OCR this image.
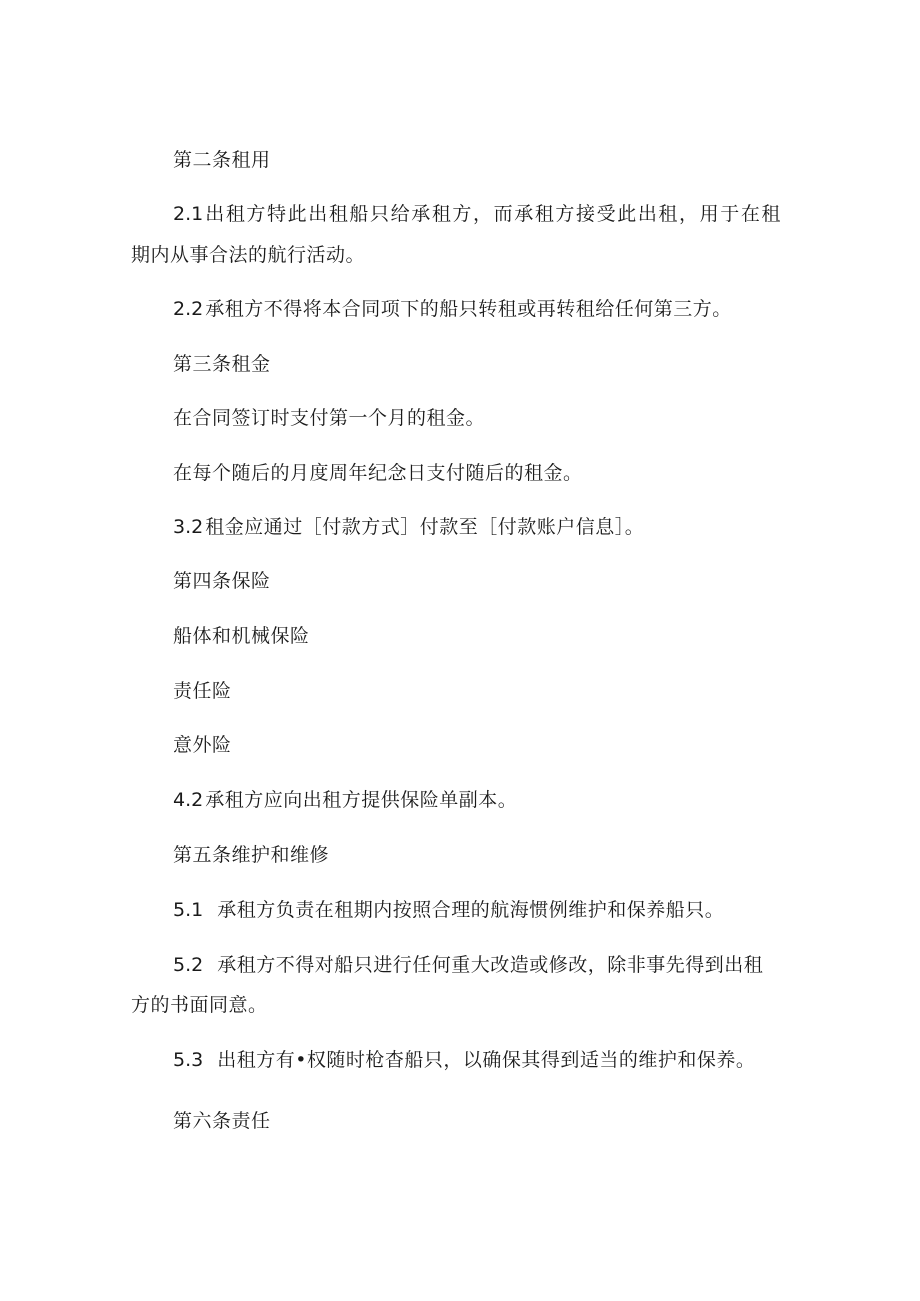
第二条租用
2.1 出租方特此出租船只给承租方，而承租方接受此出租，用于在租
期内从事合法的航行活动。
2.2 承租方不得将本合同项下的船只转租或再转租给任何第三方。
第三条租金
在合同签订时支付第一个月的租金。
在每个随后的月度周年纪念日支付随后的租金。
3.2 租金应通过［付款方式］付款至［付款账户信息］。
第四条保险
船体和机械保险
责任险
意外险
4.2 承租方应向出租方提供保险单副本。
第五条维护和维修
5.1 承租方负责在租期内按照合理的航海惯例维护和保养船只。
5.2 承租方不得对船只进行任何重大改造或修改，除非事先得到出租
方的书面同意。
5.3 出租方有•权随时枪杳船只，以确保其得到适当的维护和保养。
第六条责任
